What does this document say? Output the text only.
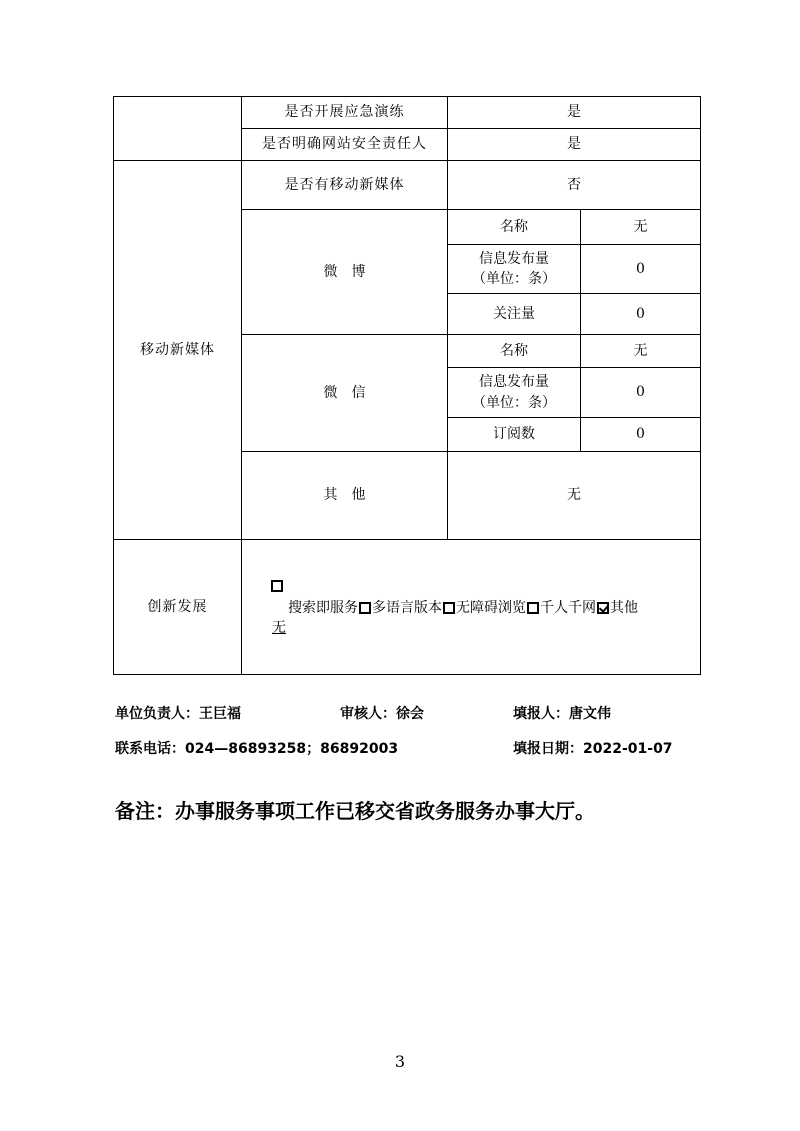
	是否开展应急演练	是	
	是否明确网站安全责任人	是	
移动新媒体	是否有移动新媒体	否	
	微　博	名称	无

		信息发布量
（单位：条）	0
		关注量	0
	微　信	名称	无

		信息发布量
（单位：条）	0
		订阅数	0
	其　他	无	
创新发展	搜索即服务 多语言版本 无障碍浏览 千人千网 其他
无		
单位负责人：王巨福	审核人：徐会	填报人：唐文伟
联系电话：024—86893258；86892003	填报日期：2022-01-07
备注：办事服务事项工作已移交省政务服务办事大厅。
3
